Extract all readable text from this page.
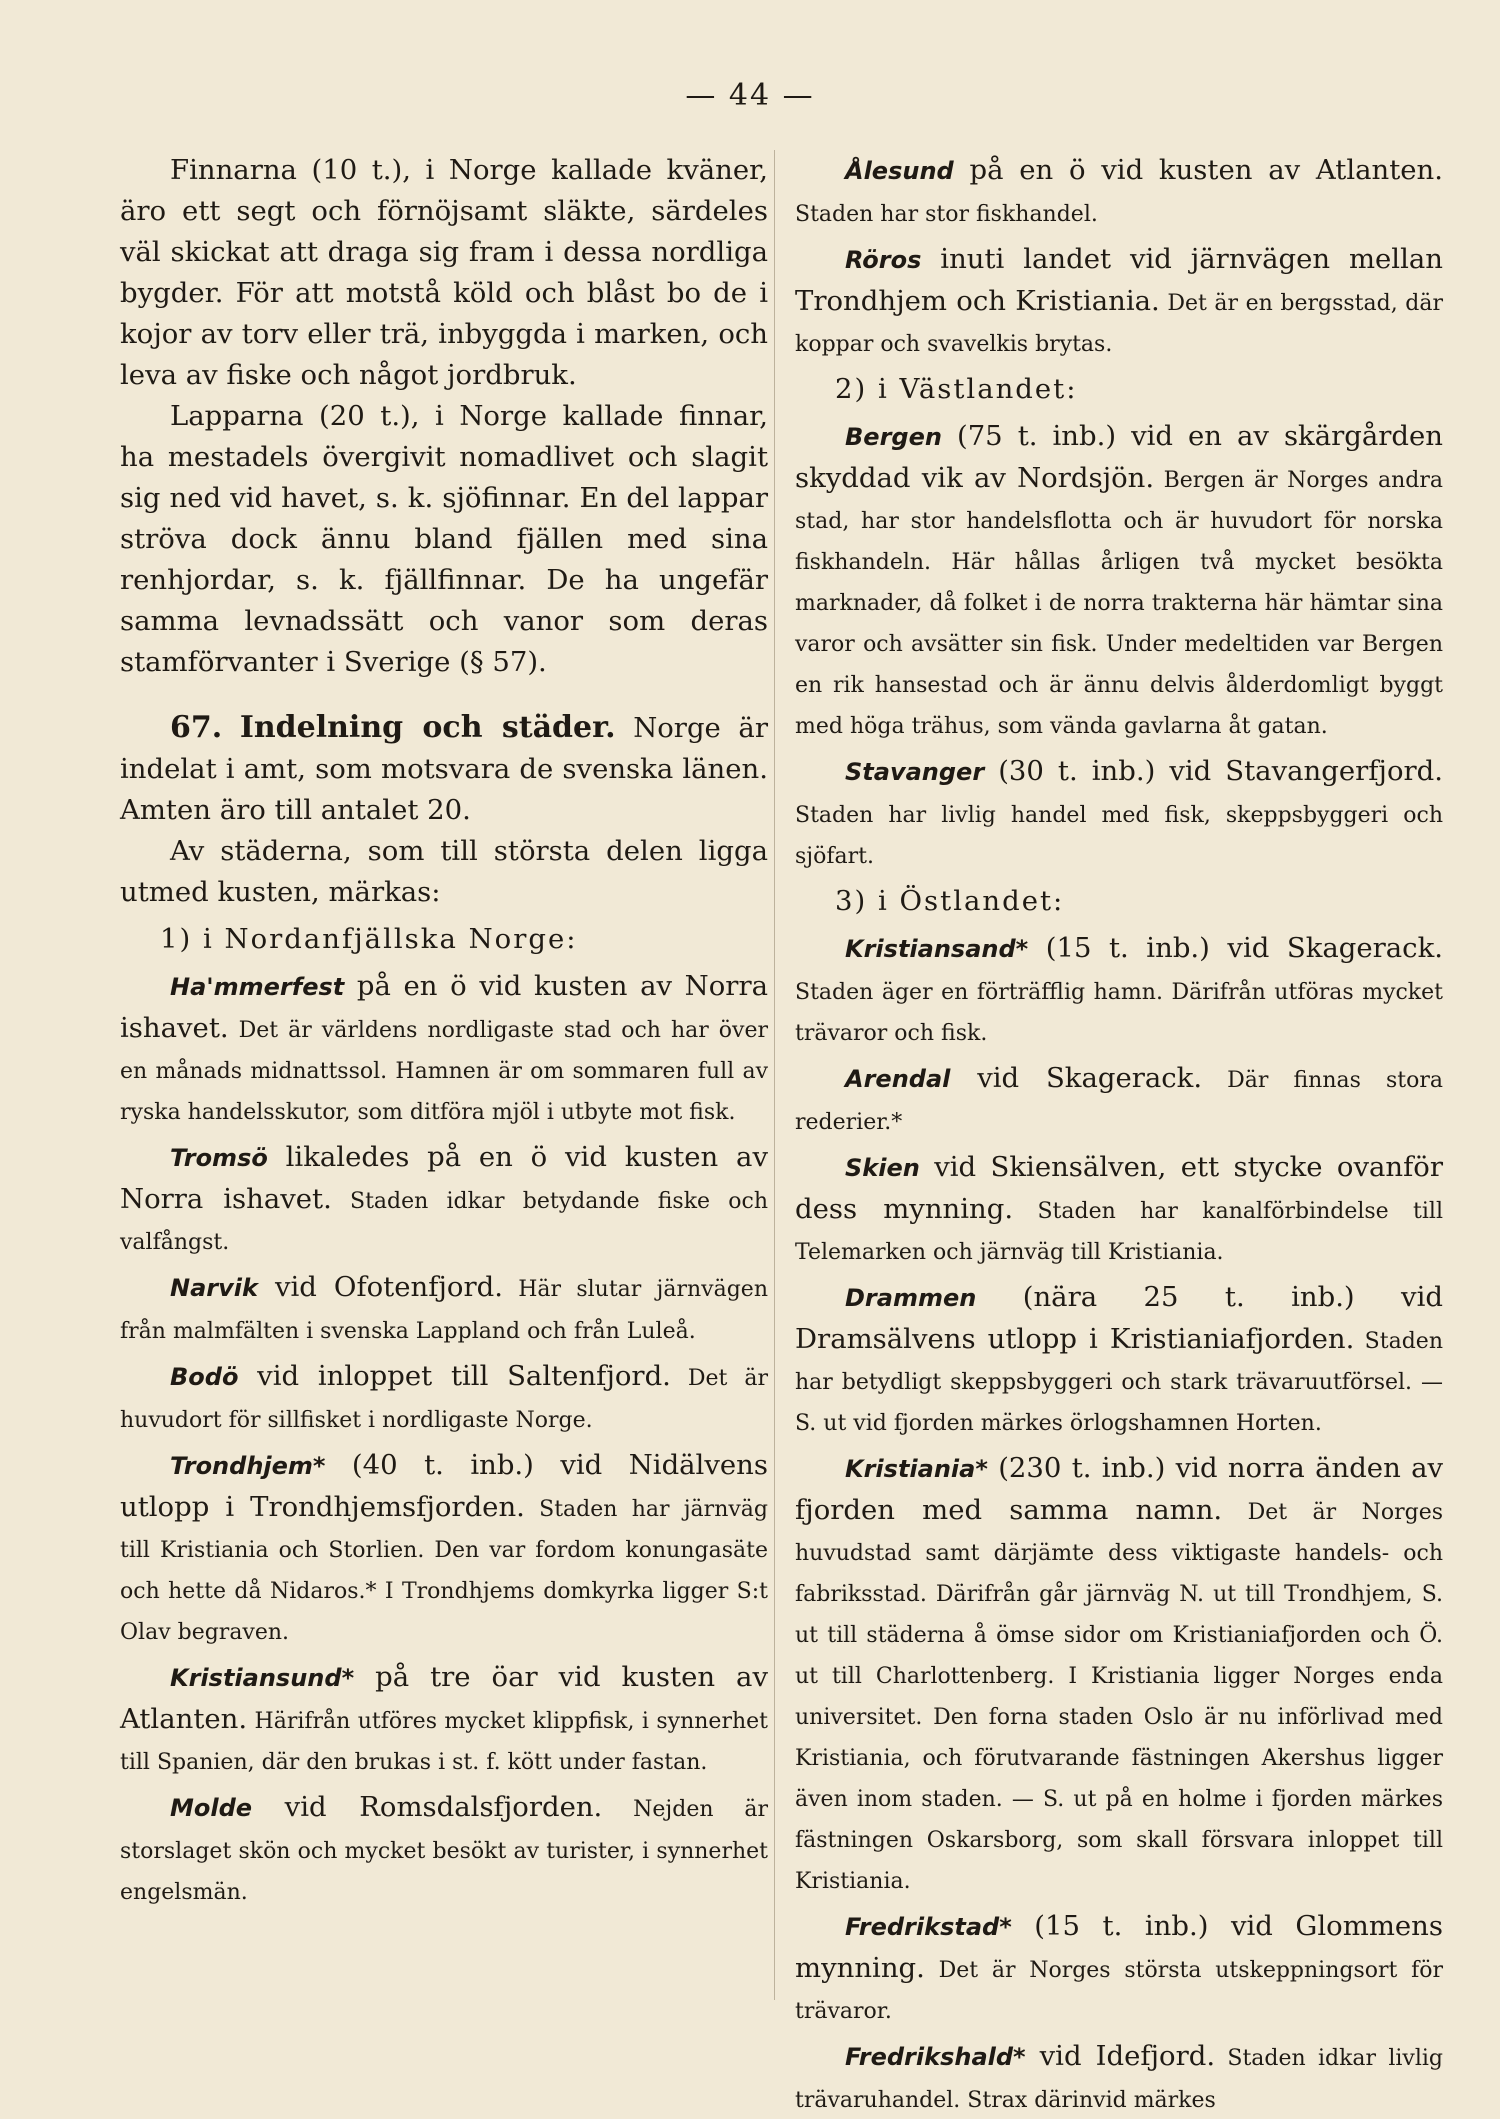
— 44 —

Finnarna (10 t.), i Norge kallade kväner, äro ett segt och förnöjsamt släkte, särdeles väl skickat att draga sig fram i dessa nordliga bygder. För att motstå köld och blåst bo de i kojor av torv eller trä, inbyggda i marken, och leva av fiske och något jordbruk.

Lapparna (20 t.), i Norge kallade finnar, ha mestadels övergivit nomadlivet och slagit sig ned vid havet, s. k. sjöfinnar. En del lappar ströva dock ännu bland fjällen med sina renhjordar, s. k. fjällfinnar. De ha ungefär samma levnadssätt och vanor som deras stamförvanter i Sverige (§ 57).

67. Indelning och städer. Norge är indelat i amt, som motsvara de svenska länen. Amten äro till antalet 20.

Av städerna, som till största delen ligga utmed kusten, märkas:

1) i Nordanfjällska Norge:

Ha'mmerfest på en ö vid kusten av Norra ishavet. Det är världens nordligaste stad och har över en månads midnattssol. Hamnen är om sommaren full av ryska handelsskutor, som ditföra mjöl i utbyte mot fisk.

Tromsö likaledes på en ö vid kusten av Norra ishavet. Staden idkar betydande fiske och valfångst.

Narvik vid Ofotenfjord. Här slutar järnvägen från malmfälten i svenska Lappland och från Luleå.

Bodö vid inloppet till Saltenfjord. Det är huvudort för sillfisket i nordligaste Norge.

Trondhjem* (40 t. inb.) vid Nidälvens utlopp i Trondhjemsfjorden. Staden har järnväg till Kristiania och Storlien. Den var fordom konungasäte och hette då Nidaros.* I Trondhjems domkyrka ligger S:t Olav begraven.

Kristiansund* på tre öar vid kusten av Atlanten. Härifrån utföres mycket klippfisk, i synnerhet till Spanien, där den brukas i st. f. kött under fastan.

Molde vid Romsdalsfjorden. Nejden är storslaget skön och mycket besökt av turister, i synnerhet engelsmän.

Ålesund på en ö vid kusten av Atlanten. Staden har stor fiskhandel.

Röros inuti landet vid järnvägen mellan Trondhjem och Kristiania. Det är en bergsstad, där koppar och svavelkis brytas.

2) i Västlandet:

Bergen (75 t. inb.) vid en av skärgården skyddad vik av Nordsjön. Bergen är Norges andra stad, har stor handelsflotta och är huvudort för norska fiskhandeln. Här hållas årligen två mycket besökta marknader, då folket i de norra trakterna här hämtar sina varor och avsätter sin fisk. Under medeltiden var Bergen en rik hansestad och är ännu delvis ålderdomligt byggt med höga trähus, som vända gavlarna åt gatan.

Stavanger (30 t. inb.) vid Stavangerfjord. Staden har livlig handel med fisk, skeppsbyggeri och sjöfart.

3) i Östlandet:

Kristiansand* (15 t. inb.) vid Skagerack. Staden äger en förträfflig hamn. Därifrån utföras mycket trävaror och fisk.

Arendal vid Skagerack. Där finnas stora rederier.*

Skien vid Skiensälven, ett stycke ovanför dess mynning. Staden har kanalförbindelse till Telemarken och järnväg till Kristiania.

Drammen (nära 25 t. inb.) vid Dramsälvens utlopp i Kristianiafjorden. Staden har betydligt skeppsbyggeri och stark trävaruutförsel. — S. ut vid fjorden märkes örlogshamnen Horten.

Kristiania* (230 t. inb.) vid norra änden av fjorden med samma namn. Det är Norges huvudstad samt därjämte dess viktigaste handels- och fabriksstad. Därifrån går järnväg N. ut till Trondhjem, S. ut till städerna å ömse sidor om Kristianiafjorden och Ö. ut till Charlottenberg. I Kristiania ligger Norges enda universitet. Den forna staden Oslo är nu införlivad med Kristiania, och förutvarande fästningen Akershus ligger även inom staden. — S. ut på en holme i fjorden märkes fästningen Oskarsborg, som skall försvara inloppet till Kristiania.

Fredrikstad* (15 t. inb.) vid Glommens mynning. Det är Norges största utskeppningsort för trävaror.

Fredrikshald* vid Idefjord. Staden idkar livlig trävaruhandel. Strax därinvid märkes
